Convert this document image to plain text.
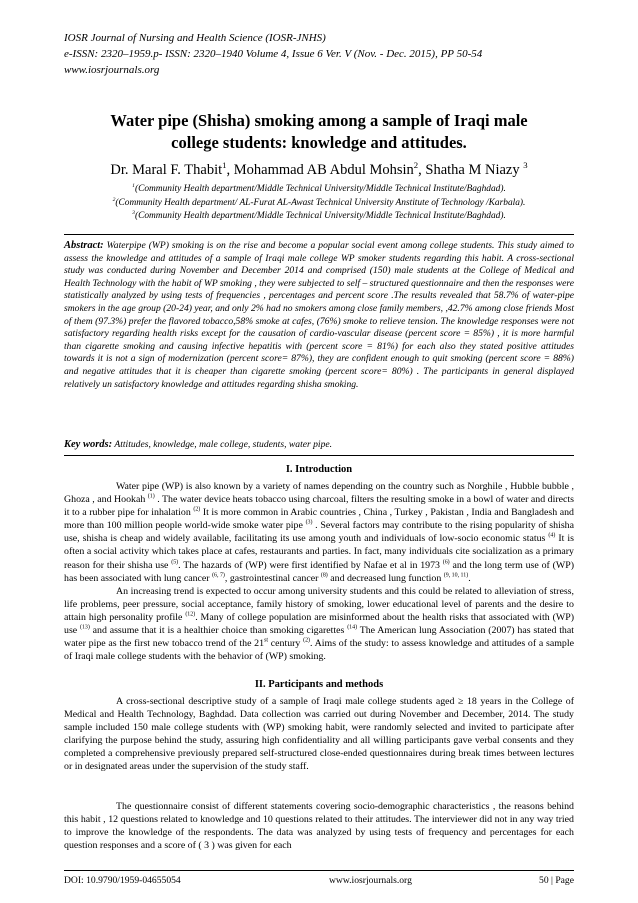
IOSR Journal of Nursing and Health Science (IOSR-JNHS)
e-ISSN: 2320–1959.p- ISSN: 2320–1940 Volume 4, Issue 6 Ver. V (Nov. - Dec. 2015), PP 50-54
www.iosrjournals.org
Water pipe (Shisha) smoking among a sample of Iraqi male
college students: knowledge and attitudes.
Dr. Maral F. Thabit$^1$, Mohammad AB Abdul Mohsin$^2$, Shatha M Niazy $^3$
$^1$(Community Health department/Middle Technical University/Middle Technical Institute/Baghdad).
$^2$(Community Health department/ AL-Furat AL-Awast Technical University Anstitute of Technology /Karbala).
$^3$(Community Health department/Middle Technical University/Middle Technical Institute/Baghdad).
Abstract: Waterpipe (WP) smoking is on the rise and become a popular social event among college students. This study aimed to assess the knowledge and attitudes of a sample of Iraqi male college WP smoker students regarding this habit. A cross-sectional study was conducted during November and December 2014 and comprised (150) male students at the College of Medical and Health Technology with the habit of WP smoking , they were subjected to self – structured questionnaire and then the responses were statistically analyzed by using tests of frequencies , percentages and percent score .The results revealed that 58.7% of water-pipe smokers in the age group (20-24) year, and only 2% had no smokers among close family members, ,42.7% among close friends Most of them (97.3%) prefer the flavored tobacco,58% smoke at cafes, (76%) smoke to relieve tension. The knowledge responses were not satisfactory regarding health risks except for the causation of cardio-vascular disease (percent score = 85%) , it is more harmful than cigarette smoking and causing infective hepatitis with (percent score = 81%) for each also they stated positive attitudes towards it is not a sign of modernization (percent score= 87%), they are confident enough to quit smoking (percent score = 88%) and negative attitudes that it is cheaper than cigarette smoking (percent score= 80%) . The participants in general displayed relatively un satisfactory knowledge and attitudes regarding shisha smoking.
Key words: Attitudes, knowledge, male college, students, water pipe.
I. Introduction
Water pipe (WP) is also known by a variety of names depending on the country such as Norghile , Hubble bubble , Ghoza , and Hookah $^{(1)}$ . The water device heats tobacco using charcoal, filters the resulting smoke in a bowl of water and directs it to a rubber pipe for inhalation $^{(2)}$ It is more common in Arabic countries , China , Turkey , Pakistan , India and Bangladesh and more than 100 million people world-wide smoke water pipe $^{(3)}$ . Several factors may contribute to the rising popularity of shisha use, shisha is cheap and widely available, facilitating its use among youth and individuals of low-socio economic status $^{(4)}$ It is often a social activity which takes place at cafes, restaurants and parties. In fact, many individuals cite socialization as a primary reason for their shisha use $^{(5)}$. The hazards of (WP) were first identified by Nafae et al in 1973 $^{(6)}$ and the long term use of (WP) has been associated with lung cancer $^{(6, 7)}$, gastrointestinal cancer $^{(8)}$ and decreased lung function $^{(9, 10, 11)}$.
An increasing trend is expected to occur among university students and this could be related to alleviation of stress, life problems, peer pressure, social acceptance, family history of smoking, lower educational level of parents and the desire to attain high personality profile $^{(12)}$. Many of college population are misinformed about the health risks that associated with (WP) use $^{(13)}$ and assume that it is a healthier choice than smoking cigarettes $^{(14)}$ The American lung Association (2007) has stated that water pipe as the first new tobacco trend of the 21st century $^{(2)}$. Aims of the study: to assess knowledge and attitudes of a sample of Iraqi male college students with the behavior of (WP) smoking.
II. Participants and methods
A cross-sectional descriptive study of a sample of Iraqi male college students aged ≥ 18 years in the College of Medical and Health Technology, Baghdad. Data collection was carried out during November and December, 2014. The study sample included 150 male college students with (WP) smoking habit, were randomly selected and invited to participate after clarifying the purpose behind the study, assuring high confidentiality and all willing participants gave verbal consents and they completed a comprehensive previously prepared self-structured close-ended questionnaires during break times between lectures or in designated areas under the supervision of the study staff.
The questionnaire consist of different statements covering socio-demographic characteristics , the reasons behind this habit , 12 questions related to knowledge and 10 questions related to their attitudes. The interviewer did not in any way tried to improve the knowledge of the respondents. The data was analyzed by using tests of frequency and percentages for each question responses and a score of ( 3 ) was given for each
DOI: 10.9790/1959-04655054	www.iosrjournals.org	50 | Page
